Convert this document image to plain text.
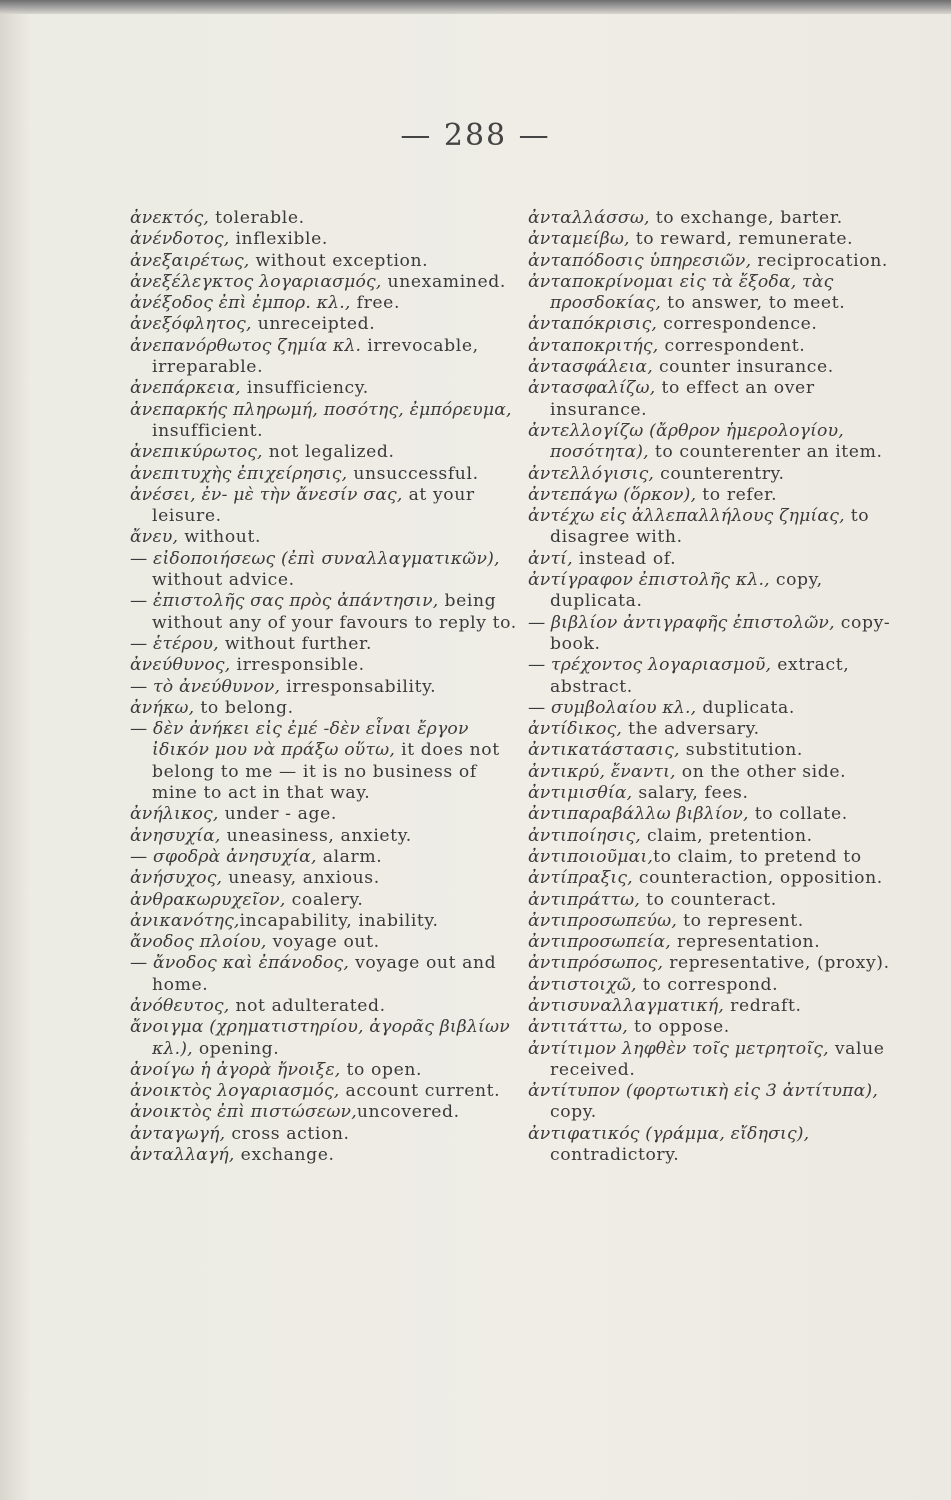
— 288 —

ἀνεκτός, tolerable.

ἀνένδοτος, inflexible.

ἀνεξαιρέτως, without exception.

ἀνεξέλεγκτος λογαριασμός, unexamined.

ἀνέξοδος ἐπὶ ἐμπορ. κλ., free.

ἀνεξόφλητος, unreceipted.

ἀνεπανόρθωτος ζημία κλ. irrevocable, irreparable.

ἀνεπάρκεια, insufficiency.

ἀνεπαρκής πληρωμή, ποσότης, ἐμπόρευμα, insufficient.

ἀνεπικύρωτος, not legalized.

ἀνεπιτυχὴς ἐπιχείρησις, unsuccessful.

ἀνέσει, ἐν- μὲ τὴν ἄνεσίν σας, at your leisure.

ἄνευ, without.

— εἰδοποιήσεως (ἐπὶ συναλλαγματικῶν), without advice.

— ἐπιστολῆς σας πρὸς ἀπάντησιν, being without any of your favours to reply to.

— ἑτέρου, without further.

ἀνεύθυνος, irresponsible.

— τὸ ἀνεύθυνον, irresponsability.

ἀνήκω, to belong.

— δὲν ἀνήκει εἰς ἐμέ -δὲν εἶναι ἔργον ἰδικόν μου νὰ πράξω οὕτω, it does not belong to me — it is no business of mine to act in that way.

ἀνήλικος, under - age.

ἀνησυχία, uneasiness, anxiety.

— σφοδρὰ ἀνησυχία, alarm.

ἀνήσυχος, uneasy, anxious.

ἀνθρακωρυχεῖον, coalery.

ἀνικανότης,incapability, inability.

ἄνοδος πλοίου, voyage out.

— ἄνοδος καὶ ἐπάνοδος, voyage out and home.

ἀνόθευτος, not adulterated.

ἄνοιγμα (χρηματιστηρίου, ἀγορᾶς βιβλίων κλ.), opening.

ἀνοίγω ἡ ἀγορὰ ἤνοιξε, to open.

ἀνοικτὸς λογαριασμός, account current.

ἀνοικτὸς ἐπὶ πιστώσεων,uncovered.

ἀνταγωγή, cross action.

ἀνταλλαγή, exchange.

ἀνταλλάσσω, to exchange, barter.

ἀνταμείβω, to reward, remunerate.

ἀνταπόδοσις ὑπηρεσιῶν, reciprocation.

ἀνταποκρίνομαι εἰς τὰ ἔξοδα, τὰς προσδοκίας, to answer, to meet.

ἀνταπόκρισις, correspondence.

ἀνταποκριτής, correspondent.

ἀντασφάλεια, counter insurance.

ἀντασφαλίζω, to effect an over insurance.

ἀντελλογίζω (ἄρθρον ἡμερολογίου, ποσότητα), to counterenter an item.

ἀντελλόγισις, counterentry.

ἀντεπάγω (ὅρκον), to refer.

ἀντέχω εἰς ἀλλεπαλλήλους ζημίας, to disagree with.

ἀντί, instead of.

ἀντίγραφον ἐπιστολῆς κλ., copy, duplicata.

— βιβλίον ἀντιγραφῆς ἐπιστολῶν, copy-book.

— τρέχοντος λογαριασμοῦ, extract, abstract.

— συμβολαίου κλ., duplicata.

ἀντίδικος, the adversary.

ἀντικατάστασις, substitution.

ἀντικρύ, ἔναντι, on the other side.

ἀντιμισθία, salary, fees.

ἀντιπαραβάλλω βιβλίον, to collate.

ἀντιποίησις, claim, pretention.

ἀντιποιοῦμαι,to claim, to pretend to

ἀντίπραξις, counteraction, opposition.

ἀντιπράττω, to counteract.

ἀντιπροσωπεύω, to represent.

ἀντιπροσωπεία, representation.

ἀντιπρόσωπος, representative, (proxy).

ἀντιστοιχῶ, to correspond.

ἀντισυναλλαγματική, redraft.

ἀντιτάττω, to oppose.

ἀντίτιμον ληφθὲν τοῖς μετρητοῖς, value received.

ἀντίτυπον (φορτωτικὴ εἰς 3 ἀντίτυπα), copy.

ἀντιφατικός (γράμμα, εἴδησις), contradictory.
